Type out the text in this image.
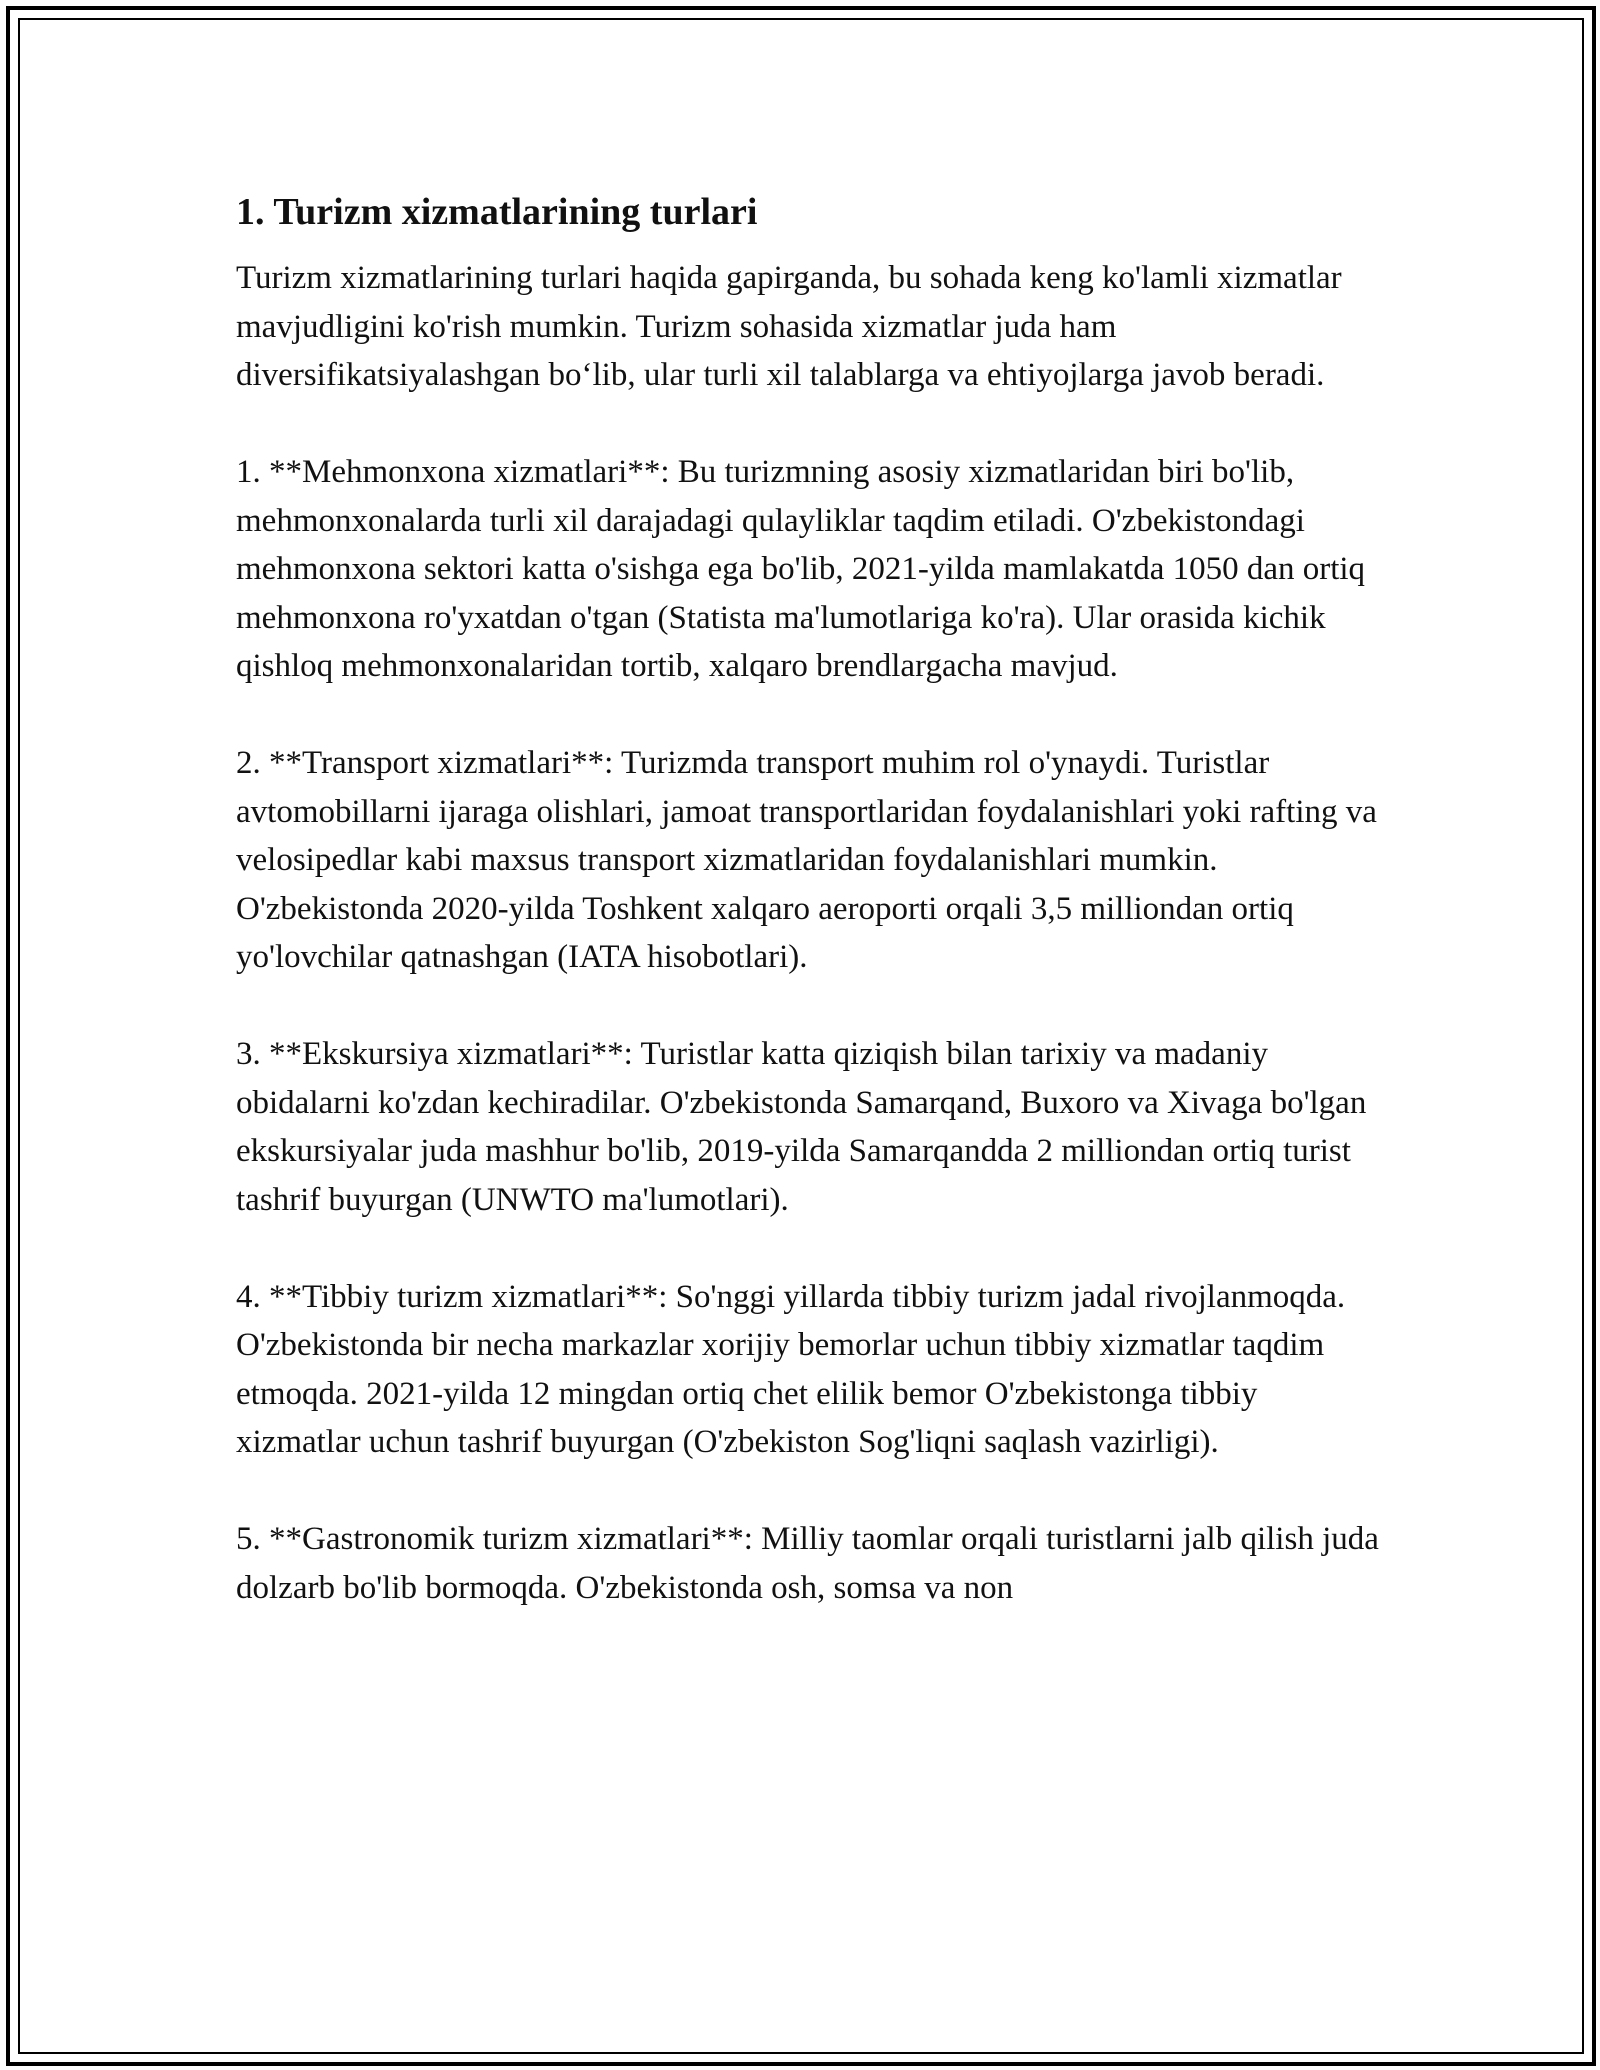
1. Turizm xizmatlarining turlari

Turizm xizmatlarining turlari haqida gapirganda, bu sohada keng ko'lamli xizmatlar mavjudligini ko'rish mumkin. Turizm sohasida xizmatlar juda ham diversifikatsiyalashgan bo‘lib, ular turli xil talablarga va ehtiyojlarga javob beradi.

1. **Mehmonxona xizmatlari**: Bu turizmning asosiy xizmatlaridan biri bo'lib, mehmonxonalarda turli xil darajadagi qulayliklar taqdim etiladi. O'zbekistondagi mehmonxona sektori katta o'sishga ega bo'lib, 2021-yilda mamlakatda 1050 dan ortiq mehmonxona ro'yxatdan o'tgan (Statista ma'lumotlariga ko'ra). Ular orasida kichik qishloq mehmonxonalaridan tortib, xalqaro brendlargacha mavjud.

2. **Transport xizmatlari**: Turizmda transport muhim rol o'ynaydi. Turistlar avtomobillarni ijaraga olishlari, jamoat transportlaridan foydalanishlari yoki rafting va velosipedlar kabi maxsus transport xizmatlaridan foydalanishlari mumkin. O'zbekistonda 2020-yilda Toshkent xalqaro aeroporti orqali 3,5 milliondan ortiq yo'lovchilar qatnashgan (IATA hisobotlari).

3. **Ekskursiya xizmatlari**: Turistlar katta qiziqish bilan tarixiy va madaniy obidalarni ko'zdan kechiradilar. O'zbekistonda Samarqand, Buxoro va Xivaga bo'lgan ekskursiyalar juda mashhur bo'lib, 2019-yilda Samarqandda 2 milliondan ortiq turist tashrif buyurgan (UNWTO ma'lumotlari).

4. **Tibbiy turizm xizmatlari**: So'nggi yillarda tibbiy turizm jadal rivojlanmoqda. O'zbekistonda bir necha markazlar xorijiy bemorlar uchun tibbiy xizmatlar taqdim etmoqda. 2021-yilda 12 mingdan ortiq chet elilik bemor O'zbekistonga tibbiy xizmatlar uchun tashrif buyurgan (O'zbekiston Sog'liqni saqlash vazirligi).

5. **Gastronomik turizm xizmatlari**: Milliy taomlar orqali turistlarni jalb qilish juda dolzarb bo'lib bormoqda. O'zbekistonda osh, somsa va non
